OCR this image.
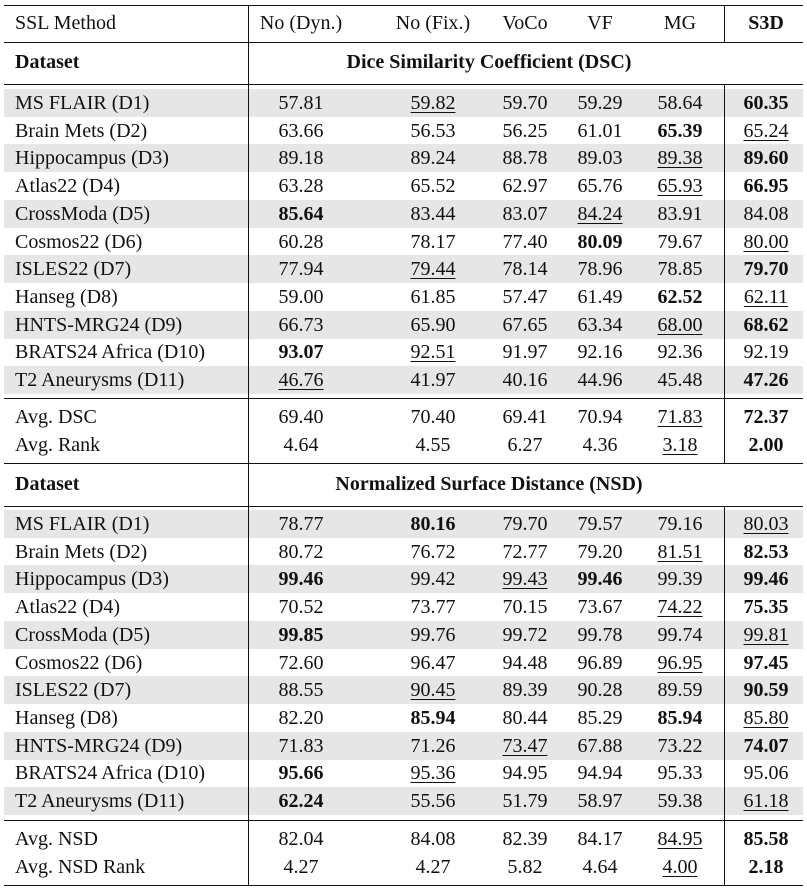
SSL Method	No (Dyn.)	No (Fix.)	VoCo	VF	MG	S3D
Dataset	Dice Similarity Coefficient (DSC)
MS FLAIR (D1)	57.81	59.82	59.70	59.29	58.64	60.35
Brain Mets (D2)	63.66	56.53	56.25	61.01	65.39	65.24
Hippocampus (D3)	89.18	89.24	88.78	89.03	89.38	89.60
Atlas22 (D4)	63.28	65.52	62.97	65.76	65.93	66.95
CrossModa (D5)	85.64	83.44	83.07	84.24	83.91	84.08
Cosmos22 (D6)	60.28	78.17	77.40	80.09	79.67	80.00
ISLES22 (D7)	77.94	79.44	78.14	78.96	78.85	79.70
Hanseg (D8)	59.00	61.85	57.47	61.49	62.52	62.11
HNTS-MRG24 (D9)	66.73	65.90	67.65	63.34	68.00	68.62
BRATS24 Africa (D10)	93.07	92.51	91.97	92.16	92.36	92.19
T2 Aneurysms (D11)	46.76	41.97	40.16	44.96	45.48	47.26
Avg. DSC	69.40	70.40	69.41	70.94	71.83	72.37
Avg. Rank	4.64	4.55	6.27	4.36	3.18	2.00
Dataset	Normalized Surface Distance (NSD)
MS FLAIR (D1)	78.77	80.16	79.70	79.57	79.16	80.03
Brain Mets (D2)	80.72	76.72	72.77	79.20	81.51	82.53
Hippocampus (D3)	99.46	99.42	99.43	99.46	99.39	99.46
Atlas22 (D4)	70.52	73.77	70.15	73.67	74.22	75.35
CrossModa (D5)	99.85	99.76	99.72	99.78	99.74	99.81
Cosmos22 (D6)	72.60	96.47	94.48	96.89	96.95	97.45
ISLES22 (D7)	88.55	90.45	89.39	90.28	89.59	90.59
Hanseg (D8)	82.20	85.94	80.44	85.29	85.94	85.80
HNTS-MRG24 (D9)	71.83	71.26	73.47	67.88	73.22	74.07
BRATS24 Africa (D10)	95.66	95.36	94.95	94.94	95.33	95.06
T2 Aneurysms (D11)	62.24	55.56	51.79	58.97	59.38	61.18
Avg. NSD	82.04	84.08	82.39	84.17	84.95	85.58
Avg. NSD Rank	4.27	4.27	5.82	4.64	4.00	2.18
